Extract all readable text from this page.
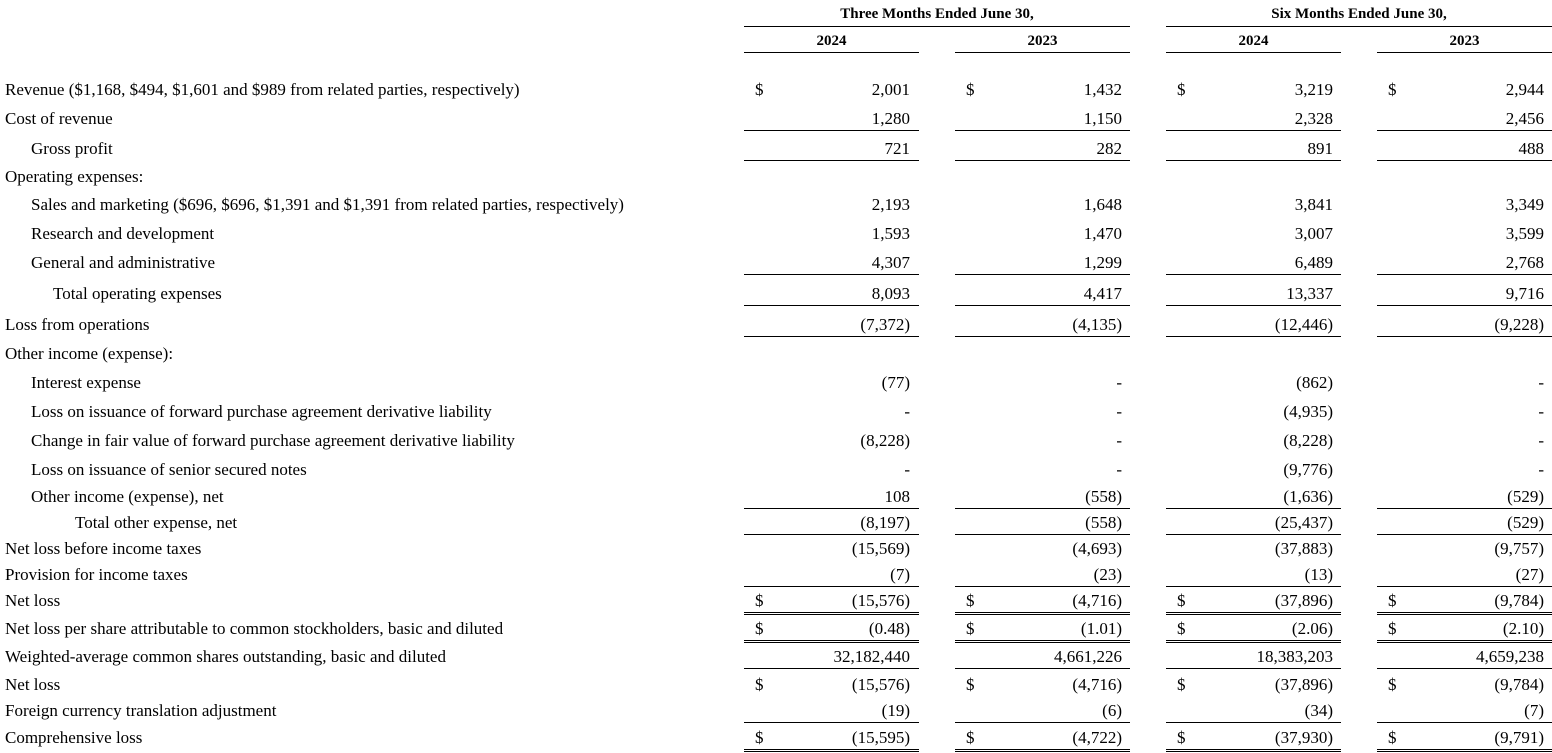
Three Months Ended June 30,	Six Months Ended June 30,
2024	2023	2024	2023
Revenue ($1,168, $494, $1,601 and $989 from related parties, respectively)	$	2,001	$	1,432	$	3,219	$	2,944
Cost of revenue	1,280	1,150	2,328	2,456
Gross profit	721	282	891	488
Operating expenses:
Sales and marketing ($696, $696, $1,391 and $1,391 from related parties, respectively)	2,193	1,648	3,841	3,349
Research and development	1,593	1,470	3,007	3,599
General and administrative	4,307	1,299	6,489	2,768
Total operating expenses	8,093	4,417	13,337	9,716
Loss from operations	(7,372)	(4,135)	(12,446)	(9,228)
Other income (expense):
Interest expense	(77)	-	(862)	-
Loss on issuance of forward purchase agreement derivative liability	-	-	(4,935)	-
Change in fair value of forward purchase agreement derivative liability	(8,228)	-	(8,228)	-
Loss on issuance of senior secured notes	-	-	(9,776)	-
Other income (expense), net	108	(558)	(1,636)	(529)
Total other expense, net	(8,197)	(558)	(25,437)	(529)
Net loss before income taxes	(15,569)	(4,693)	(37,883)	(9,757)
Provision for income taxes	(7)	(23)	(13)	(27)
Net loss	$	(15,576)	$	(4,716)	$	(37,896)	$	(9,784)
Net loss per share attributable to common stockholders, basic and diluted	$	(0.48)	$	(1.01)	$	(2.06)	$	(2.10)
Weighted-average common shares outstanding, basic and diluted	32,182,440	4,661,226	18,383,203	4,659,238
Net loss	$	(15,576)	$	(4,716)	$	(37,896)	$	(9,784)
Foreign currency translation adjustment	(19)	(6)	(34)	(7)
Comprehensive loss	$	(15,595)	$	(4,722)	$	(37,930)	$	(9,791)
